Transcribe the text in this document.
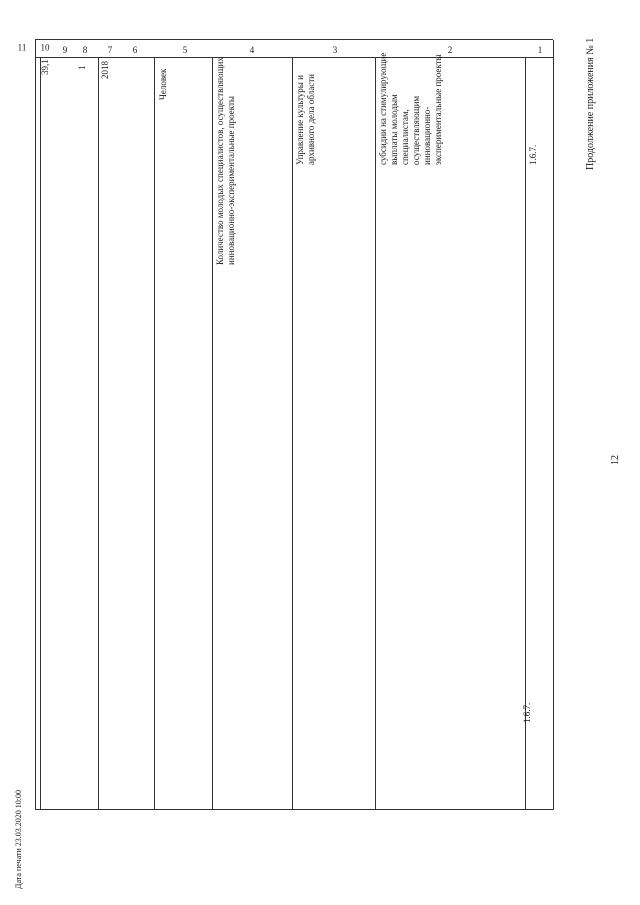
12
Продолжение приложения № 1
Дата печати 23.03.2020 10:00
1
2
3
4
5
6
7
8
9
10
11
1.6.7.
1.6.7.
субсидии на стимулирующие выплаты молодым специалистам, осуществляющим инновационно-экспериментальные проекты
Управление культуры и архивного дела области
Количество молодых специалистов, осуществляющих инновационно-экспериментальные проекты
Человек
2018
1
39,1
